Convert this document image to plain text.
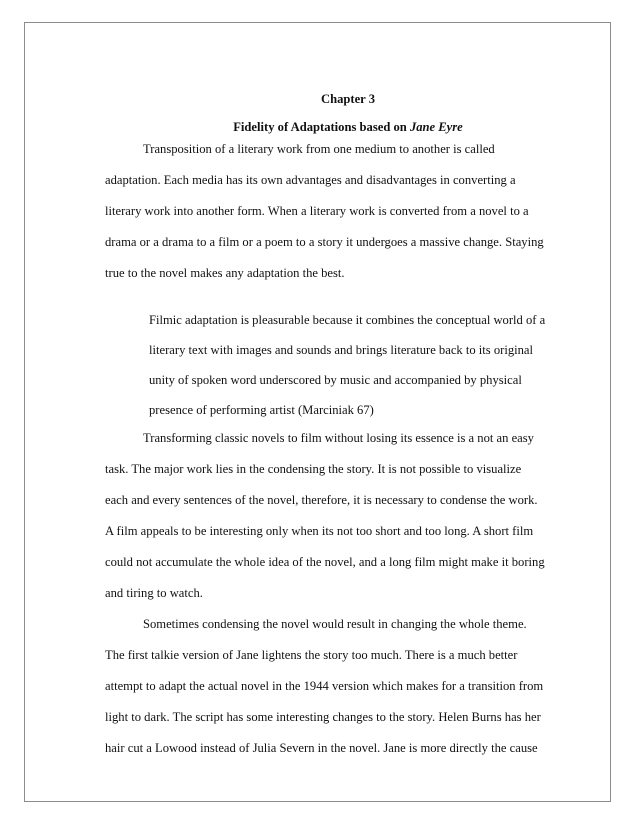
Chapter 3
Fidelity of Adaptations based on Jane Eyre
Transposition of a literary work from one medium to another is called
adaptation. Each media has its own advantages and disadvantages in converting a
literary work into another form. When a literary work is converted from a novel to a
drama or a drama to a film or a poem to a story it undergoes a massive change. Staying
true to the novel makes any adaptation the best.
Filmic adaptation is pleasurable because it combines the conceptual world of a
literary text with images and sounds and brings literature back to its original
unity of spoken word underscored by music and accompanied by physical
presence of performing artist (Marciniak 67)
Transforming classic novels to film without losing its essence is a not an easy
task. The major work lies in the condensing the story. It is not possible to visualize
each and every sentences of the novel, therefore, it is necessary to condense the work.
A film appeals to be interesting only when its not too short and too long. A short film
could not accumulate the whole idea of the novel, and a long film might make it boring
and tiring to watch.
Sometimes condensing the novel would result in changing the whole theme.
The first talkie version of Jane lightens the story too much. There is a much better
attempt to adapt the actual novel in the 1944 version which makes for a transition from
light to dark. The script has some interesting changes to the story. Helen Burns has her
hair cut a Lowood instead of Julia Severn in the novel. Jane is more directly the cause
